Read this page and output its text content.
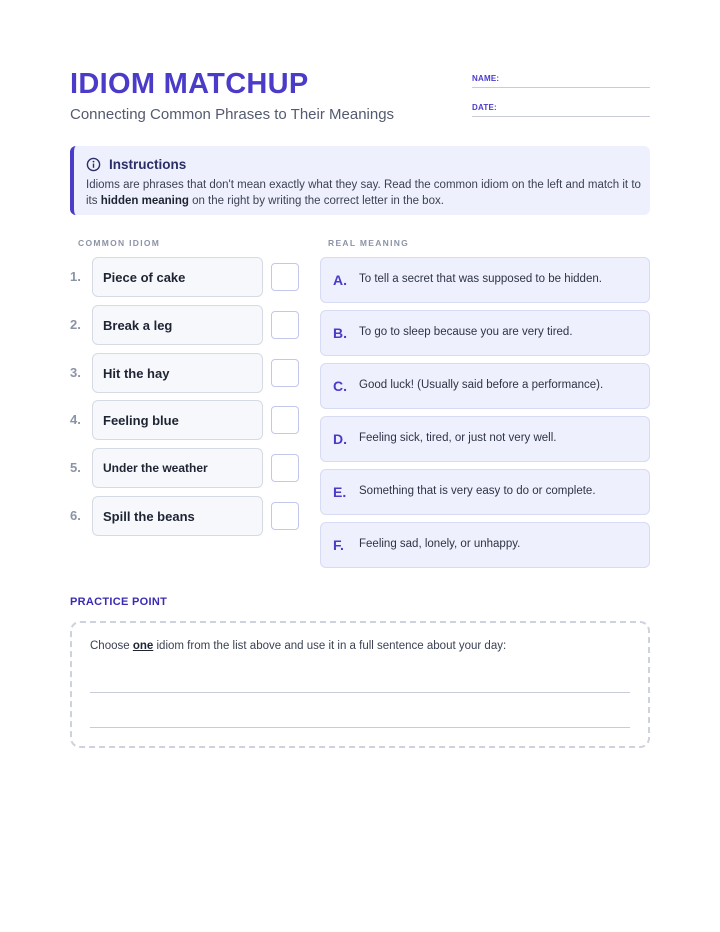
IDIOM MATCHUP
Connecting Common Phrases to Their Meanings
NAME:
DATE:
Instructions
Idioms are phrases that don't mean exactly what they say. Read the common idiom on the left and match it to its hidden meaning on the right by writing the correct letter in the box.
COMMON IDIOM	REAL MEANING
1. Piece of cake
2. Break a leg
3. Hit the hay
4. Feeling blue
5. Under the weather
6. Spill the beans
A. To tell a secret that was supposed to be hidden.
B. To go to sleep because you are very tired.
C. Good luck! (Usually said before a performance).
D. Feeling sick, tired, or just not very well.
E. Something that is very easy to do or complete.
F. Feeling sad, lonely, or unhappy.
PRACTICE POINT
Choose one idiom from the list above and use it in a full sentence about your day:
